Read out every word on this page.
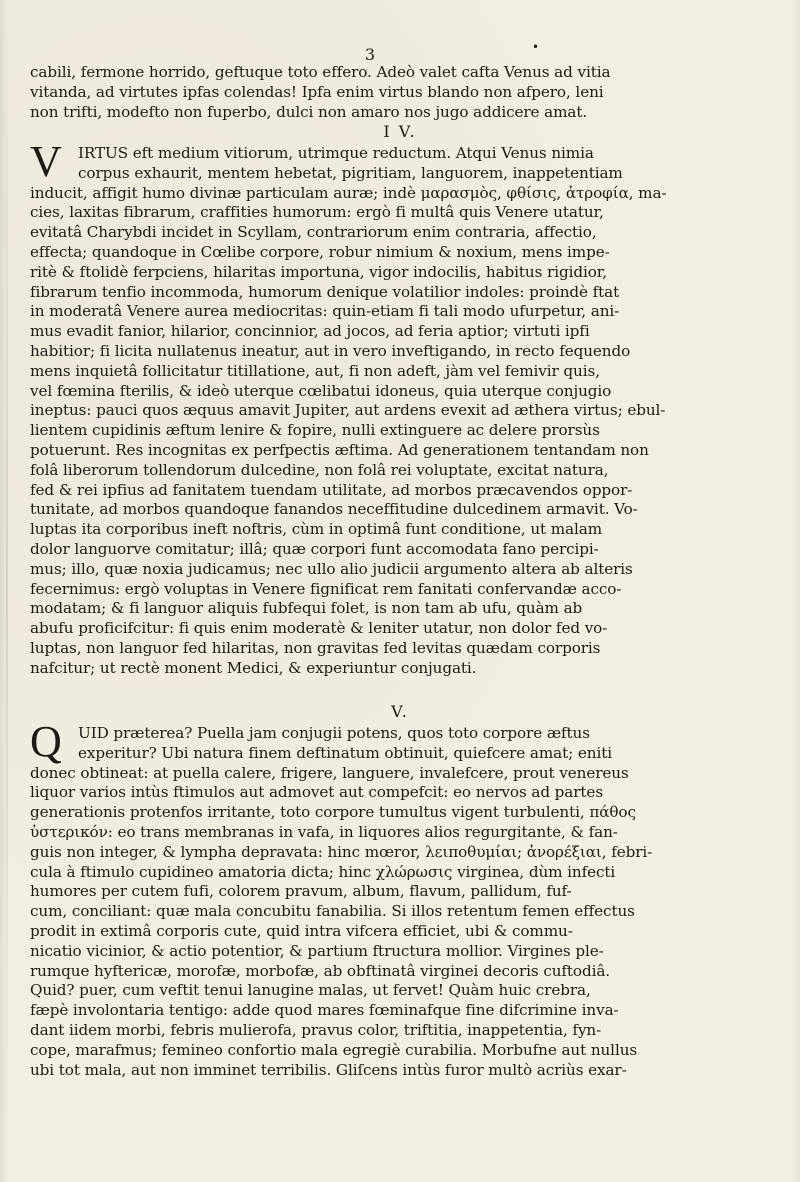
3	•
cabili, fermone horrido, geftuque toto effero. Adeò valet cafta Venus ad vitia
vitanda, ad virtutes ipfas colendas! Ipfa enim virtus blando non afpero, leni
non trifti, modefto non fuperbo, dulci non amaro nos jugo addicere amat.
I V.
V	IRTUS eft medium vitiorum, utrimque reductum. Atqui Venus nimia
corpus exhaurit, mentem hebetat, pigritiam, languorem, inappetentiam
inducit, affigit humo divinæ particulam auræ; indè μαρασμὸς, φθίσις, ἀτροφία, ma-
cies, laxitas fibrarum, craffities humorum: ergò fi multâ quis Venere utatur,
evitatâ Charybdi incidet in Scyllam, contrariorum enim contraria, affectio,
effecta; quandoque in Cœlibe corpore, robur nimium & noxium, mens impe-
ritè & ftolidè ferpciens, hilaritas importuna, vigor indocilis, habitus rigidior,
fibrarum tenfio incommoda, humorum denique volatilior indoles: proindè ftat
in moderatâ Venere aurea mediocritas: quin-etiam fi tali modo ufurpetur, ani-
mus evadit fanior, hilarior, concinnior, ad jocos, ad feria aptior; virtuti ipfi
habitior; fi licita nullatenus ineatur, aut in vero inveftigando, in recto fequendo
mens inquietâ follicitatur titillatione, aut, fi non adeft, jàm vel femivir quis,
vel fœmina fterilis, & ideò uterque cœlibatui idoneus, quia uterque conjugio
ineptus: pauci quos æquus amavit Jupiter, aut ardens evexit ad æthera virtus; ebul-
lientem cupidinis æftum lenire & fopire, nulli extinguere ac delere prorsùs
potuerunt. Res incognitas ex perfpectis æftima. Ad generationem tentandam non
folâ liberorum tollendorum dulcedine, non folâ rei voluptate, excitat natura,
fed & rei ipfius ad fanitatem tuendam utilitate, ad morbos præcavendos oppor-
tunitate, ad morbos quandoque fanandos neceffitudine dulcedinem armavit. Vo-
luptas ita corporibus ineft noftris, cùm in optimâ funt conditione, ut malam
dolor languorve comitatur; illâ; quæ corpori funt accomodata fano percipi-
mus; illo, quæ noxia judicamus; nec ullo alio judicii argumento altera ab alteris
fecernimus: ergò voluptas in Venere fignificat rem fanitati confervandæ acco-
modatam; & fi languor aliquis fubfequi folet, is non tam ab ufu, quàm ab
abufu proficifcitur: fi quis enim moderatè & leniter utatur, non dolor fed vo-
luptas, non languor fed hilaritas, non gravitas fed levitas quædam corporis
nafcitur; ut rectè monent Medici, & experiuntur conjugati.
V.
Q	UID præterea? Puella jam conjugii potens, quos toto corpore æftus
experitur? Ubi natura finem deftinatum obtinuit, quiefcere amat; eniti
donec obtineat: at puella calere, frigere, languere, invalefcere, prout venereus
liquor varios intùs ftimulos aut admovet aut compefcit: eo nervos ad partes
generationis protenfos irritante, toto corpore tumultus vigent turbulenti, πάθος
ὑστερικόν: eo trans membranas in vafa, in liquores alios regurgitante, & fan-
guis non integer, & lympha depravata: hinc mœror, λειποθυμίαι; ἀνορέξιαι, febri-
cula à ftimulo cupidineo amatoria dicta; hinc χλώρωσις virginea, dùm infecti
humores per cutem fufi, colorem pravum, album, flavum, pallidum, fuf-
cum, conciliant: quæ mala concubitu fanabilia. Si illos retentum femen effectus
prodit in extimâ corporis cute, quid intra vifcera efficiet, ubi & commu-
nicatio vicinior, & actio potentior, & partium ftructura mollior. Virgines ple-
rumque hyftericæ, morofæ, morbofæ, ab obftinatâ virginei decoris cuftodiâ.
Quid? puer, cum veftit tenui lanugine malas, ut fervet! Quàm huic crebra,
fæpè involontaria tentigo: adde quod mares fœminafque fine difcrimine inva-
dant iidem morbi, febris mulierofa, pravus color, triftitia, inappetentia, fyn-
cope, marafmus; femineo confortio mala egregiè curabilia. Morbufne aut nullus
ubi tot mala, aut non imminet terribilis. Gliſcens intùs furor multò acriùs exar-
